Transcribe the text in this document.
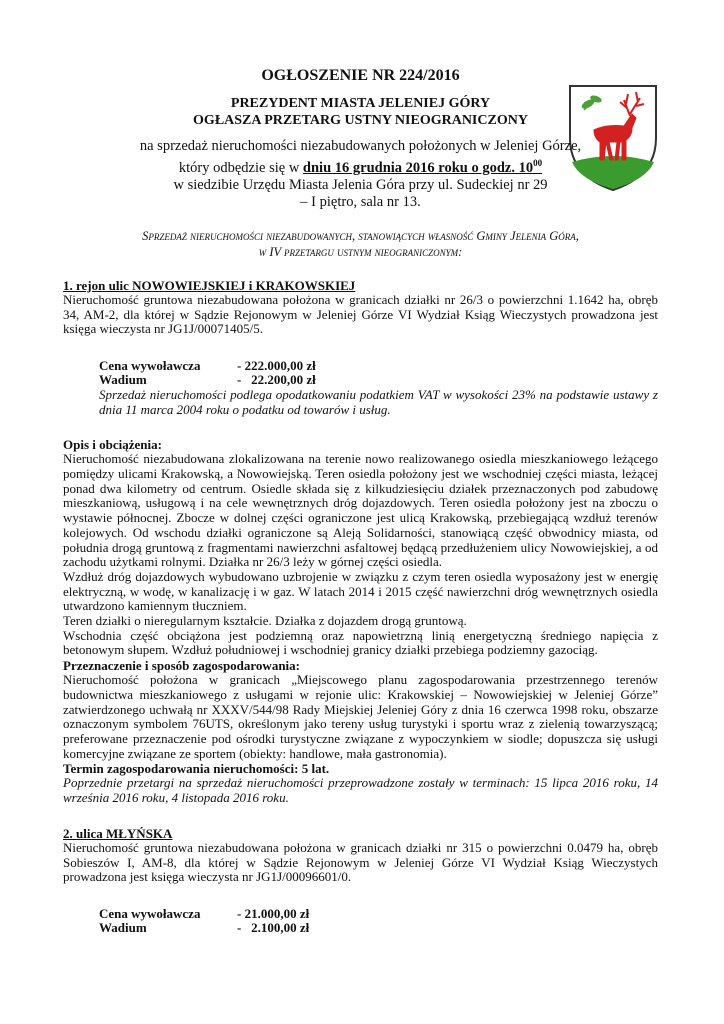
OGŁOSZENIE NR 224/2016

PREZYDENT MIASTA JELENIEJ GÓRY

OGŁASZA PRZETARG USTNY NIEOGRANICZONY

na sprzedaż nieruchomości niezabudowanych położonych w Jeleniej Górze,

który odbędzie się w dniu 16 grudnia 2016 roku o godz. $10^{00}$

w siedzibie Urzędu Miasta Jelenia Góra przy ul. Sudeckiej nr 29

– I piętro, sala nr 13.

Sprzedaż nieruchomości niezabudowanych, stanowiących własność Gminy Jelenia Góra,

w IV przetargu ustnym nieograniczonym:

1. rejon ulic NOWOWIEJSKIEJ i KRAKOWSKIEJ

Nieruchomość gruntowa niezabudowana położona w granicach działki nr 26/3 o powierzchni 1.1642 ha, obręb 34, AM-2, dla której w Sądzie Rejonowym w Jeleniej Górze VI Wydział Ksiąg Wieczystych prowadzona jest księga wieczysta nr JG1J/00071405/5.

Cena wywoławcza	- 222.000,00 zł
Wadium	-   22.200,00 zł

Sprzedaż nieruchomości podlega opodatkowaniu podatkiem VAT w wysokości 23% na podstawie ustawy z dnia 11 marca 2004 roku o podatku od towarów i usług.

Opis i obciążenia:

Nieruchomość niezabudowana zlokalizowana na terenie nowo realizowanego osiedla mieszkaniowego leżącego pomiędzy ulicami Krakowską, a Nowowiejską. Teren osiedla położony jest we wschodniej części miasta, leżącej ponad dwa kilometry od centrum. Osiedle składa się z kilkudziesięciu działek przeznaczonych pod zabudowę mieszkaniową, usługową i na cele wewnętrznych dróg dojazdowych. Teren osiedla położony jest na zboczu o wystawie północnej. Zbocze w dolnej części ograniczone jest ulicą Krakowską, przebiegającą wzdłuż terenów kolejowych. Od wschodu działki ograniczone są Aleją Solidarności, stanowiącą część obwodnicy miasta, od południa drogą gruntową z fragmentami nawierzchni asfaltowej będącą przedłużeniem ulicy Nowowiejskiej, a od zachodu użytkami rolnymi. Działka nr 26/3 leży w górnej części osiedla.

Wzdłuż dróg dojazdowych wybudowano uzbrojenie w związku z czym teren osiedla wyposażony jest w energię elektryczną, w wodę, w kanalizację i w gaz. W latach 2014 i 2015 część nawierzchni dróg wewnętrznych osiedla utwardzono kamiennym tłuczniem.

Teren działki o nieregularnym kształcie. Działka z dojazdem drogą gruntową.

Wschodnia część obciążona jest podziemną oraz napowietrzną linią energetyczną średniego napięcia z betonowym słupem. Wzdłuż południowej i wschodniej granicy działki przebiega podziemny gazociąg.

Przeznaczenie i sposób zagospodarowania:

Nieruchomość położona w granicach „Miejscowego planu zagospodarowania przestrzennego terenów budownictwa mieszkaniowego z usługami w rejonie ulic: Krakowskiej – Nowowiejskiej w Jeleniej Górze” zatwierdzonego uchwałą nr XXXV/544/98 Rady Miejskiej Jeleniej Góry z dnia 16 czerwca 1998 roku, obszarze oznaczonym symbolem 76UTS, określonym jako tereny usług turystyki i sportu wraz z zielenią towarzyszącą; preferowane przeznaczenie pod ośrodki turystyczne związane z wypoczynkiem w siodle; dopuszcza się usługi komercyjne związane ze sportem (obiekty: handlowe, mała gastronomia).

Termin zagospodarowania nieruchomości: 5 lat.

Poprzednie przetargi na sprzedaż nieruchomości przeprowadzone zostały w terminach: 15 lipca 2016 roku, 14 września 2016 roku, 4 listopada 2016 roku.

2. ulica MŁYŃSKA

Nieruchomość gruntowa niezabudowana położona w granicach działki nr 315 o powierzchni 0.0479 ha, obręb Sobieszów I, AM-8, dla której w Sądzie Rejonowym w Jeleniej Górze VI Wydział Ksiąg Wieczystych prowadzona jest księga wieczysta nr JG1J/00096601/0.

Cena wywoławcza	- 21.000,00 zł
Wadium	-   2.100,00 zł
